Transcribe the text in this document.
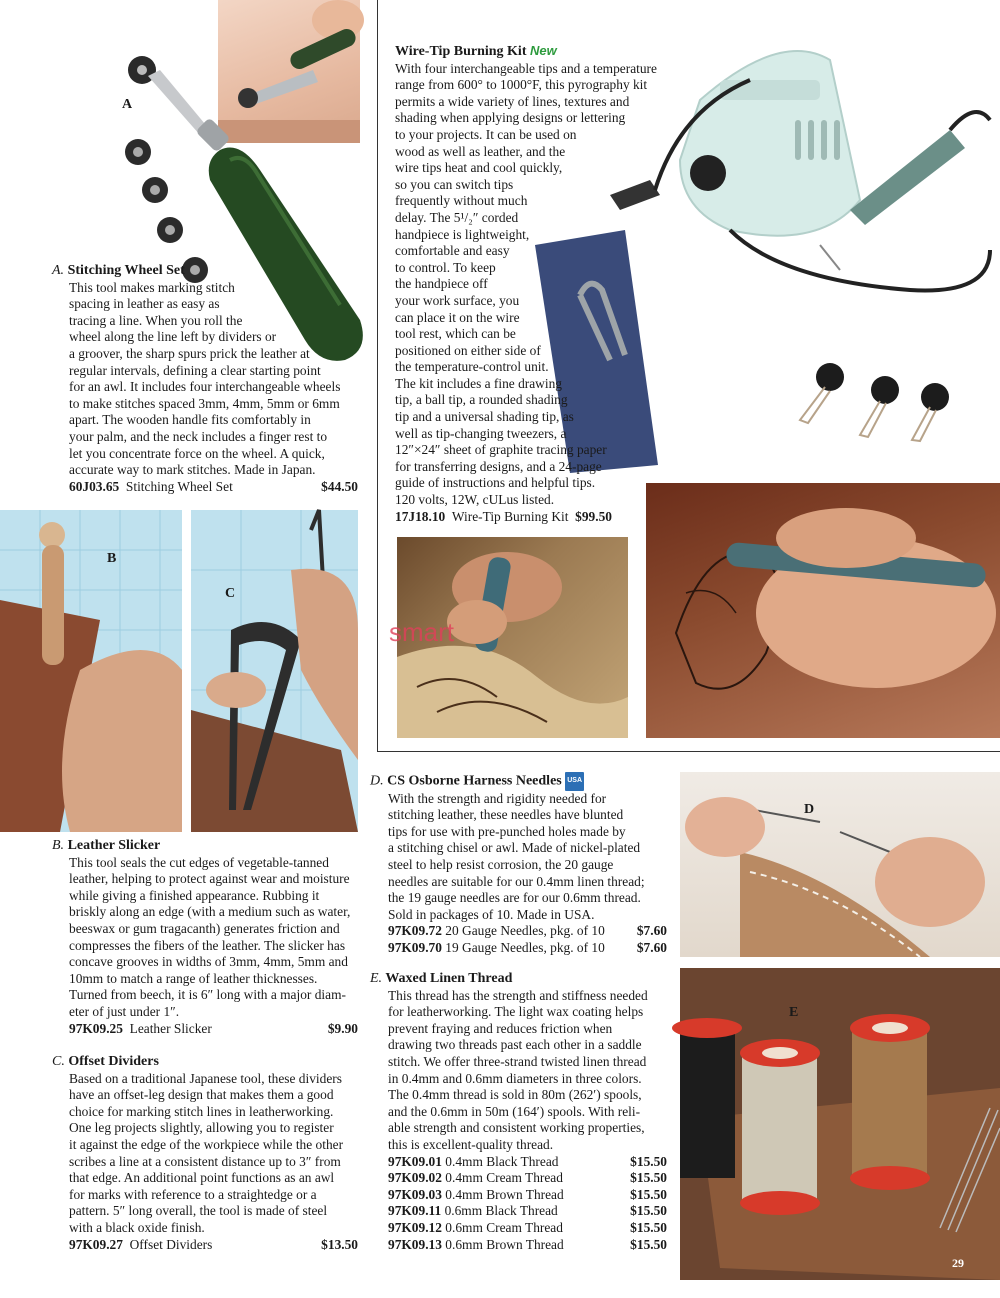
A
A. Stitching Wheel Set
This tool makes marking stitch
spacing in leather as easy as
tracing a line. When you roll the
wheel along the line left by dividers or
a groover, the sharp spurs prick the leather at
regular intervals, defining a clear starting point
for an awl. It includes four interchangeable wheels
to make stitches spaced 3mm, 4mm, 5mm or 6mm
apart. The wooden handle fits comfortably in
your palm, and the neck includes a finger rest to
let you concentrate force on the wheel. A quick,
accurate way to mark stitches. Made in Japan.
60J03.65 Stitching Wheel Set	$44.50
Wire-Tip Burning Kit New
With four interchangeable tips and a temperature
range from 600° to 1000°F, this pyrography kit
permits a wide variety of lines, textures and
shading when applying designs or lettering
to your projects. It can be used on
wood as well as leather, and the
wire tips heat and cool quickly,
so you can switch tips
frequently without much
delay. The 5¹/₂″ corded
handpiece is lightweight,
comfortable and easy
to control. To keep
the handpiece off
your work surface, you
can place it on the wire
tool rest, which can be
positioned on either side of
the temperature-control unit.
The kit includes a fine drawing
tip, a ball tip, a rounded shading
tip and a universal shading tip, as
well as tip-changing tweezers, a
12″×24″ sheet of graphite tracing paper
for transferring designs, and a 24-page
guide of instructions and helpful tips.
120 volts, 12W, cULus listed.
17J18.10 Wire-Tip Burning Kit $99.50
smart
B
C
B. Leather Slicker
This tool seals the cut edges of vegetable-tanned
leather, helping to protect against wear and moisture
while giving a finished appearance. Rubbing it
briskly along an edge (with a medium such as water,
beeswax or gum tragacanth) generates friction and
compresses the fibers of the leather. The slicker has
concave grooves in widths of 3mm, 4mm, 5mm and
10mm to match a range of leather thicknesses.
Turned from beech, it is 6″ long with a major diam-
eter of just under 1″.
97K09.25 Leather Slicker	$9.90
C. Offset Dividers
Based on a traditional Japanese tool, these dividers
have an offset-leg design that makes them a good
choice for marking stitch lines in leatherworking.
One leg projects slightly, allowing you to register
it against the edge of the workpiece while the other
scribes a line at a consistent distance up to 3″ from
that edge. An additional point functions as an awl
for marks with reference to a straightedge or a
pattern. 5″ long overall, the tool is made of steel
with a black oxide finish.
97K09.27 Offset Dividers	$13.50
D. CS Osborne Harness Needles USA
With the strength and rigidity needed for
stitching leather, these needles have blunted
tips for use with pre-punched holes made by
a stitching chisel or awl. Made of nickel-plated
steel to help resist corrosion, the 20 gauge
needles are suitable for our 0.4mm linen thread;
the 19 gauge needles are for our 0.6mm thread.
Sold in packages of 10. Made in USA.
97K09.72 20 Gauge Needles, pkg. of 10 $7.60
97K09.70 19 Gauge Needles, pkg. of 10 $7.60
E. Waxed Linen Thread
This thread has the strength and stiffness needed
for leatherworking. The light wax coating helps
prevent fraying and reduces friction when
drawing two threads past each other in a saddle
stitch. We offer three-strand twisted linen thread
in 0.4mm and 0.6mm diameters in three colors.
The 0.4mm thread is sold in 80m (262′) spools,
and the 0.6mm in 50m (164′) spools. With reli-
able strength and consistent working properties,
this is excellent-quality thread.
97K09.01 0.4mm Black Thread	$15.50
97K09.02 0.4mm Cream Thread	$15.50
97K09.03 0.4mm Brown Thread	$15.50
97K09.11 0.6mm Black Thread	$15.50
97K09.12 0.6mm Cream Thread	$15.50
97K09.13 0.6mm Brown Thread	$15.50
D
E
29
